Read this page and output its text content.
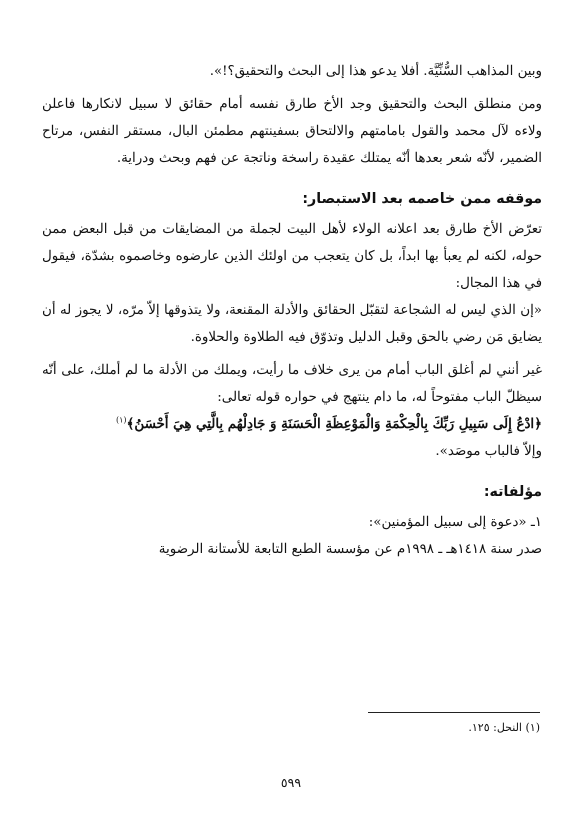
وبين المذاهب السُّنِّيَّة. أفلا يدعو هذا إلى البحث والتحقيق؟!».

ومن منطلق البحث والتحقيق وجد الأخ طارق نفسه أمام حقائق لا سبيل لانكارها فاعلن ولاءه لآل محمد والقول بامامتهم والالتحاق بسفينتهم مطمئن البال، مستقر النفس، مرتاح الضمير، لأنّه شعر بعدها أنّه يمتلك عقيدة راسخة وناتجة عن فهم وبحث ودراية.

موقفه ممن خاصمه بعد الاستبصار:

تعرّض الأخ طارق بعد اعلانه الولاء لأهل البيت لجملة من المضايقات من قبل البعض ممن حوله، لكنه لم يعبأ بها ابداً، بل كان يتعجب من اولئك الذين عارضوه وخاصموه بشدّة، فيقول في هذا المجال:

«إن الذي ليس له الشجاعة لتقبّل الحقائق والأدلة المقنعة، ولا يتذوقها إلاّ مرّه، لا يجوز له أن يضايق مَن رضي بالحق وقبل الدليل وتذوّق فيه الطلاوة والحلاوة.

غير أنني لم أغلق الباب أمام من يرى خلاف ما رأيت، ويملك من الأدلة ما لم أملك، على أنّه سيظلّ الباب مفتوحاً له، ما دام ينتهج في حواره قوله تعالى:

﴿ادْعُ إِلَى سَبِيلِ رَبِّكَ بِالْحِكْمَةِ وَالْمَوْعِظَةِ الْحَسَنَةِ وَ جَادِلْهُم بِالَّتِي هِيَ أَحْسَنُ﴾$^{(١)}$

وإلاّ فالباب موصَد».

مؤلفاته:

١ـ «دعوة إلى سبيل المؤمنين»:

صدر سنة ١٤١٨هـ ـ ١٩٩٨م عن مؤسسة الطبع التابعة للأستانة الرضوية

(١) النحل: ١٢٥.

٥٩٩
